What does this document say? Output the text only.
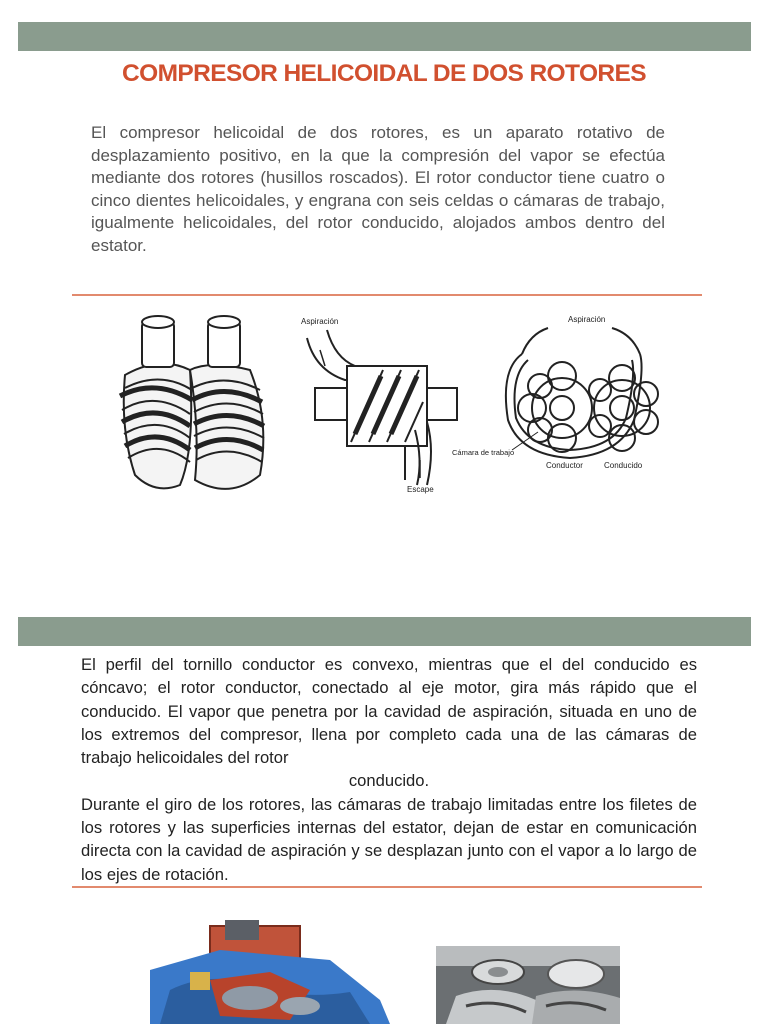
COMPRESOR HELICOIDAL DE DOS ROTORES
El compresor helicoidal de dos rotores, es un aparato rotativo de desplazamiento positivo, en la que la compresión del vapor se efectúa mediante dos rotores (husillos roscados). El rotor conductor tiene cuatro o cinco dientes helicoidales, y engrana con seis celdas o cámaras de trabajo, igualmente helicoidales, del rotor conducido, alojados ambos dentro del estator.
Aspiración
Escape
Aspiración
Cámara de trabajo
Conductor	Conducido

El perfil del tornillo conductor es convexo, mientras que el del conducido es cóncavo; el rotor conductor, conectado al eje motor, gira más rápido que el conducido. El vapor que penetra por la cavidad de aspiración, situada en uno de los extremos del compresor, llena por completo cada una de las cámaras de trabajo helicoidales del rotor

conducido.

Durante el giro de los rotores, las cámaras de trabajo limitadas entre los filetes de los rotores y las superficies internas del estator, dejan de estar en comunicación directa con la cavidad de aspiración y se desplazan junto con el vapor a lo largo de los ejes de rotación.
